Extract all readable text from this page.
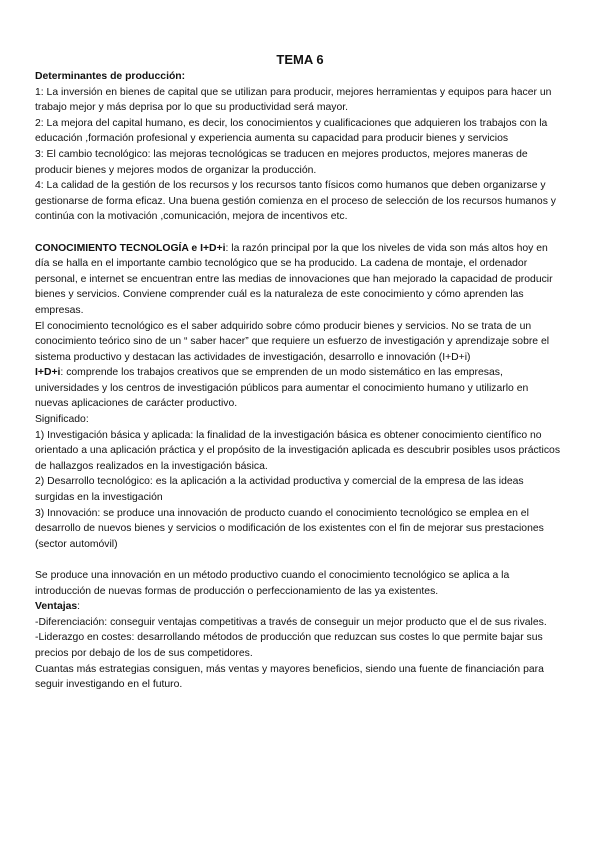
TEMA 6

Determinantes de producción:

1: La inversión en bienes de capital que se utilizan para producir, mejores herramientas y equipos para hacer un trabajo mejor y más deprisa por lo que su productividad será mayor.

2: La mejora del capital humano, es decir, los conocimientos y cualificaciones que adquieren los trabajos con la educación ,formación profesional y experiencia aumenta su capacidad para producir bienes y servicios

3: El cambio tecnológico: las mejoras tecnológicas se traducen en mejores productos, mejores maneras de producir bienes y mejores modos de organizar la producción.

4: La calidad de la gestión de los recursos y los recursos tanto físicos como humanos que deben organizarse y gestionarse de forma eficaz. Una buena gestión comienza en el proceso de selección de los recursos humanos y continúa con la motivación ,comunicación, mejora de incentivos etc.

CONOCIMIENTO TECNOLOGÍA e I+D+i: la razón principal por la que los niveles de vida son más altos hoy en día se halla en el importante cambio tecnológico que se ha producido. La cadena de montaje, el ordenador personal, e internet se encuentran entre las medias de innovaciones que han mejorado la capacidad de producir bienes y servicios. Conviene comprender cuál es la naturaleza de este conocimiento y cómo aprenden las empresas.

El conocimiento tecnológico es el saber adquirido sobre cómo producir bienes y servicios. No se trata de un conocimiento teórico sino de un “ saber hacer” que requiere un esfuerzo de investigación y aprendizaje sobre el sistema productivo y destacan las actividades de investigación, desarrollo e innovación (I+D+i)

I+D+i: comprende los trabajos creativos que se emprenden de un modo sistemático en las empresas, universidades y los centros de investigación públicos para aumentar el conocimiento humano y utilizarlo en nuevas aplicaciones de carácter productivo.

Significado:

1) Investigación básica y aplicada: la finalidad de la investigación básica es obtener conocimiento científico no orientado a una aplicación práctica y el propósito de la investigación aplicada es descubrir posibles usos prácticos de hallazgos realizados en la investigación básica.

2) Desarrollo tecnológico: es la aplicación a la actividad productiva y comercial de la empresa de las ideas surgidas en la investigación

3) Innovación: se produce una innovación de producto cuando el conocimiento tecnológico se emplea en el desarrollo de nuevos bienes y servicios o modificación de los existentes con el fin de mejorar sus prestaciones (sector automóvil)

Se produce una innovación en un método productivo cuando el conocimiento tecnológico se aplica a la introducción de nuevas formas de producción o perfeccionamiento de las ya existentes.

Ventajas:

-Diferenciación: conseguir ventajas competitivas a través de conseguir un mejor producto que el de sus rivales.

-Liderazgo en costes: desarrollando métodos de producción que reduzcan sus costes lo que permite bajar sus precios por debajo de los de sus competidores.

Cuantas más estrategias consiguen, más ventas y mayores beneficios, siendo una fuente de financiación para seguir investigando en el futuro.
